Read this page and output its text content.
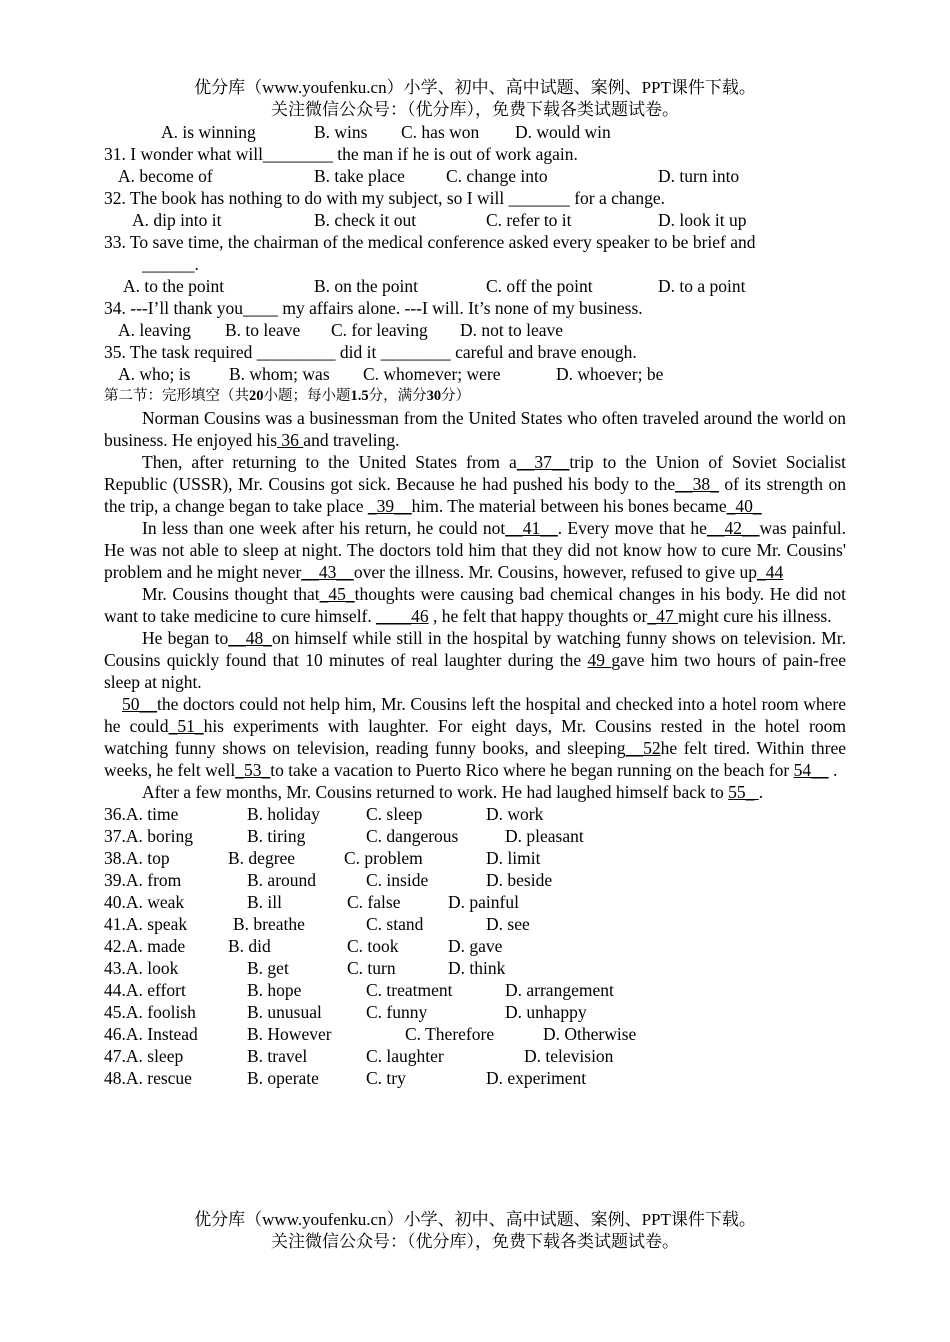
优分库（www.youfenku.cn）小学、初中、高中试题、案例、PPT课件下载。
关注微信公众号：（优分库），免费下载各类试题试卷。
A. is winning	B. wins C. has won D. would win
31. I wonder what will________ the man if he is out of work again.
A. become of	B. take place C. change into	D. turn into
32. The book has nothing to do with my subject, so I will _______ for a change.
A. dip into it	B. check it out	C. refer to it	D. look it up
33. To save time, the chairman of the medical conference asked every speaker to be brief and
______.
A. to the point	B. on the point	C. off the point	D. to a point
34. ---I’ll thank you____ my affairs alone. ---I will. It’s none of my business.
A. leaving B. to leave C. for leaving D. not to leave
35. The task required _________ did it ________ careful and brave enough.
A. who; is B. whom; was C. whomever; were	D. whoever; be
第二节：完形填空（共20小题；每小题1.5分，满分30分）
Norman Cousins was a businessman from the United States who often traveled around the world on business. He enjoyed his 36 and traveling.
Then, after returning to the United States from a__37__trip to the Union of Soviet Socialist Republic (USSR), Mr. Cousins got sick. Because he had pushed his body to the__38_ of its strength on the trip, a change began to take place _39__him. The material between his bones became_40_
In less than one week after his return, he could not__41__. Every move that he__42__was painful. He was not able to sleep at night. The doctors told him that they did not know how to cure Mr. Cousins' problem and he might never__43__over the illness. Mr. Cousins, however, refused to give up_44
Mr. Cousins thought that_45_thoughts were causing bad chemical changes in his body. He did not want to take medicine to cure himself. ____46 , he felt that happy thoughts or_47 might cure his illness.
He began to__48_on himself while still in the hospital by watching funny shows on television. Mr. Cousins quickly found that 10 minutes of real laughter during the 49 gave him two hours of pain-free sleep at night.
50__the doctors could not help him, Mr. Cousins left the hospital and checked into a hotel room where he could_51_his experiments with laughter. For eight days, Mr. Cousins rested in the hotel room watching funny shows on television, reading funny books, and sleeping__52he felt tired. Within three weeks, he felt well_53_to take a vacation to Puerto Rico where he began running on the beach for 54__ .
After a few months, Mr. Cousins returned to work. He had laughed himself back to 55_ .
36.A. time	B. holiday	C. sleep	D. work
37.A. boring	B. tiring	C. dangerous	D. pleasant
38.A. top	B. degree	C. problem	D. limit
39.A. from	B. around	C. inside	D. beside
40.A. weak	B. ill	C. false	D. painful
41.A. speak	B. breathe	C. stand	D. see
42.A. made B. did	C. took	D. gave
43.A. look	B. get	C. turn	D. think
44.A. effort	B. hope	C. treatment	D. arrangement
45.A. foolish	B. unusual	C. funny	D. unhappy
46.A. Instead	B. However	C. Therefore	D. Otherwise
47.A. sleep	B. travel	C. laughter	D. television
48.A. rescue	B. operate	C. try	D. experiment
优分库（www.youfenku.cn）小学、初中、高中试题、案例、PPT课件下载。
关注微信公众号：（优分库），免费下载各类试题试卷。
